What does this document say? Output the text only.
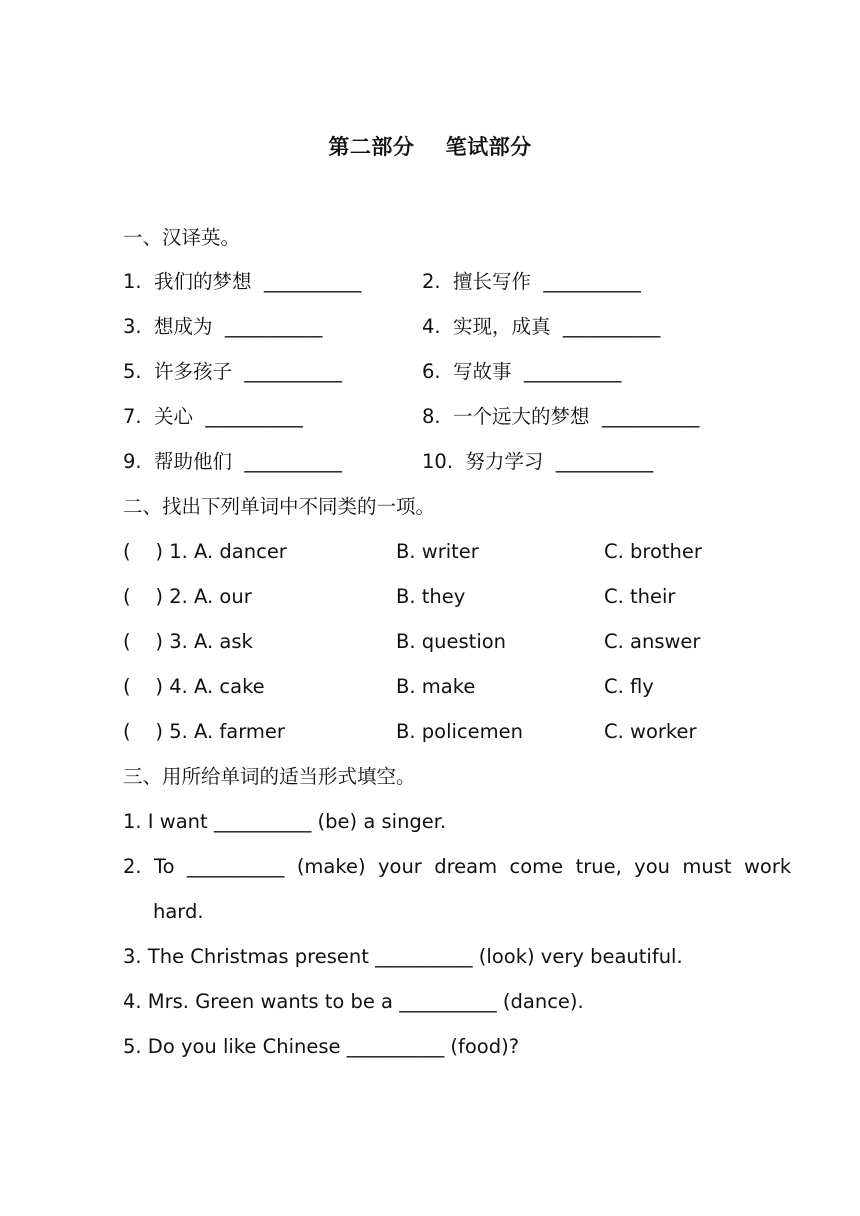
第二部分    笔试部分
一、汉译英。
1.  我们的梦想  __________	2.  擅长写作  __________
3.  想成为  __________	4.  实现，成真  __________
5.  许多孩子  __________	6.  写故事  __________
7.  关心  __________	8.  一个远大的梦想  __________
9.  帮助他们  __________	10.  努力学习  __________
二、找出下列单词中不同类的一项。
(    ) 1. A. dancer	B. writer	C. brother
(    ) 2. A. our	B. they	C. their
(    ) 3. A. ask	B. question	C. answer
(    ) 4. A. cake	B. make	C. fly
(    ) 5. A. farmer	B. policemen	C. worker
三、用所给单词的适当形式填空。
1. I want __________ (be) a singer.
2.  To  __________  (make)  your  dream  come  true,  you  must  work
hard.
3. The Christmas present __________ (look) very beautiful.
4. Mrs. Green wants to be a __________ (dance).
5. Do you like Chinese __________ (food)?
